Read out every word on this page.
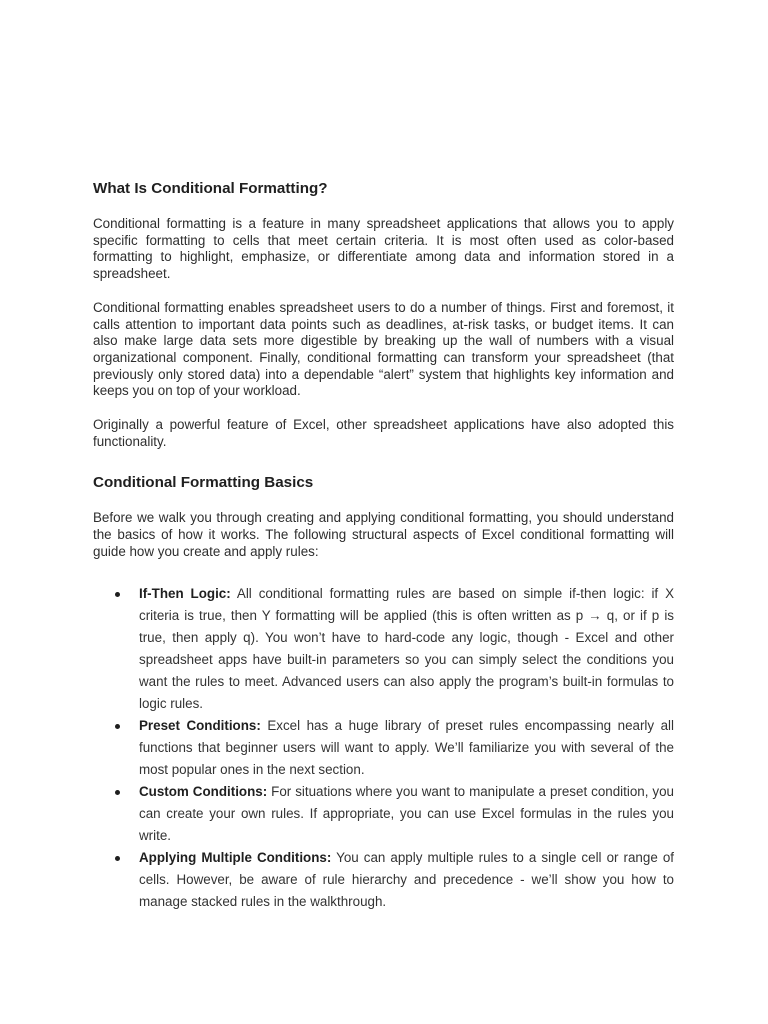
What Is Conditional Formatting?

Conditional formatting is a feature in many spreadsheet applications that allows you to apply specific formatting to cells that meet certain criteria. It is most often used as color-based formatting to highlight, emphasize, or differentiate among data and information stored in a spreadsheet.

Conditional formatting enables spreadsheet users to do a number of things. First and foremost, it calls attention to important data points such as deadlines, at-risk tasks, or budget items. It can also make large data sets more digestible by breaking up the wall of numbers with a visual organizational component. Finally, conditional formatting can transform your spreadsheet (that previously only stored data) into a dependable “alert” system that highlights key information and keeps you on top of your workload.

Originally a powerful feature of Excel, other spreadsheet applications have also adopted this functionality.

Conditional Formatting Basics

Before we walk you through creating and applying conditional formatting, you should understand the basics of how it works. The following structural aspects of Excel conditional formatting will guide how you create and apply rules:

If-Then Logic: All conditional formatting rules are based on simple if-then logic: if X criteria is true, then Y formatting will be applied (this is often written as p → q, or if p is true, then apply q). You won’t have to hard-code any logic, though - Excel and other spreadsheet apps have built-in parameters so you can simply select the conditions you want the rules to meet. Advanced users can also apply the program’s built-in formulas to logic rules.
Preset Conditions: Excel has a huge library of preset rules encompassing nearly all functions that beginner users will want to apply. We’ll familiarize you with several of the most popular ones in the next section.
Custom Conditions: For situations where you want to manipulate a preset condition, you can create your own rules. If appropriate, you can use Excel formulas in the rules you write.
Applying Multiple Conditions: You can apply multiple rules to a single cell or range of cells. However, be aware of rule hierarchy and precedence - we’ll show you how to manage stacked rules in the walkthrough.
